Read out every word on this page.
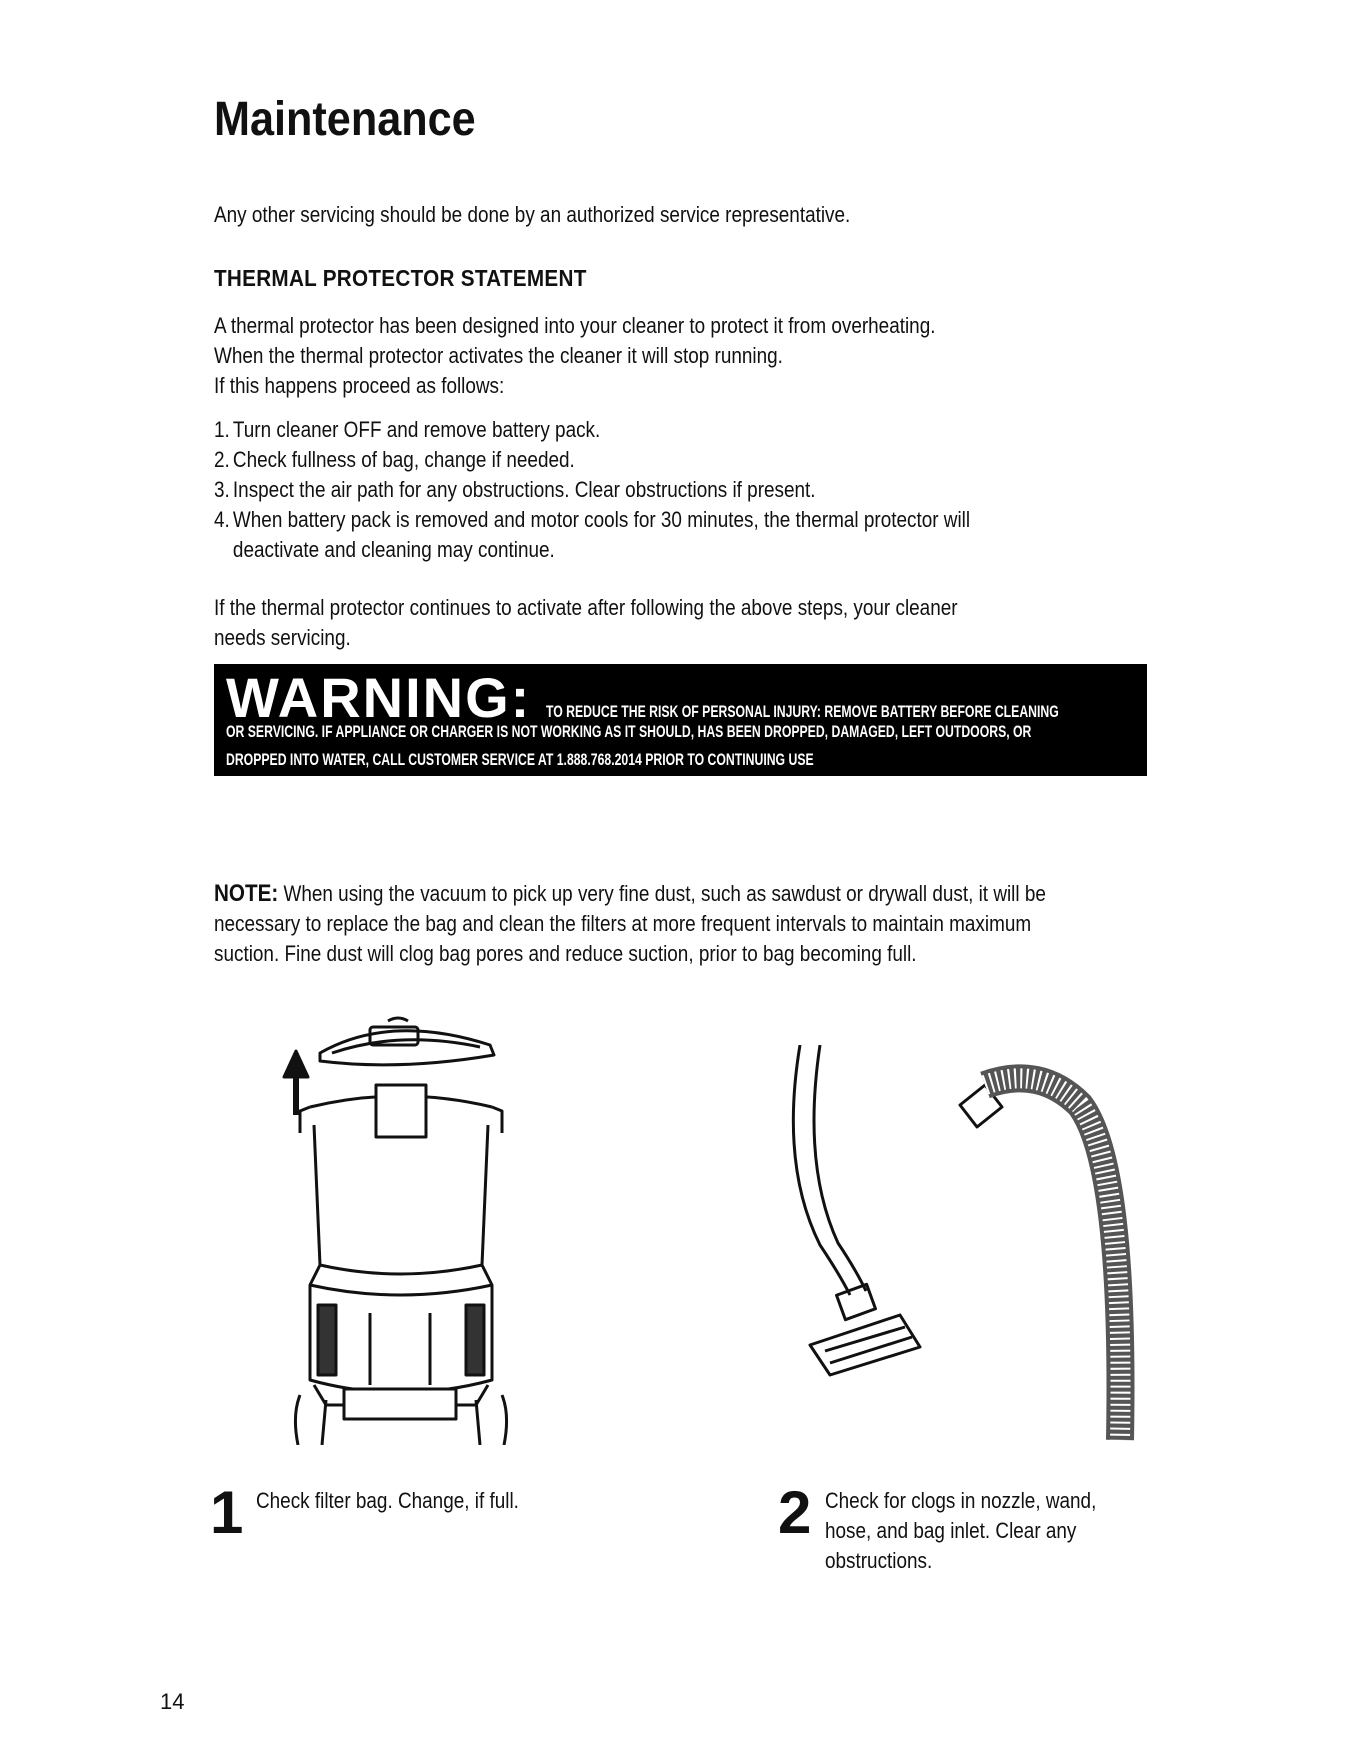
Maintenance
Any other servicing should be done by an authorized service representative.
THERMAL PROTECTOR STATEMENT
A thermal protector has been designed into your cleaner to protect it from overheating.
When the thermal protector activates the cleaner it will stop running.
If this happens proceed as follows:
1. Turn cleaner OFF and remove battery pack.
2. Check fullness of bag, change if needed.
3. Inspect the air path for any obstructions. Clear obstructions if present.
4. When battery pack is removed and motor cools for 30 minutes, the thermal protector will
deactivate and cleaning may continue.
If the thermal protector continues to activate after following the above steps, your cleaner
needs servicing.
WARNING: TO REDUCE THE RISK OF PERSONAL INJURY: REMOVE BATTERY BEFORE CLEANING
OR SERVICING. IF APPLIANCE OR CHARGER IS NOT WORKING AS IT SHOULD, HAS BEEN DROPPED, DAMAGED, LEFT OUTDOORS, OR
DROPPED INTO WATER, CALL CUSTOMER SERVICE AT 1.888.768.2014 PRIOR TO CONTINUING USE
NOTE: When using the vacuum to pick up very fine dust, such as sawdust or drywall dust, it will be
necessary to replace the bag and clean the filters at more frequent intervals to maintain maximum
suction. Fine dust will clog bag pores and reduce suction, prior to bag becoming full.
1 Check filter bag. Change, if full.	2 Check for clogs in nozzle, wand,
hose, and bag inlet. Clear any
obstructions.
14
